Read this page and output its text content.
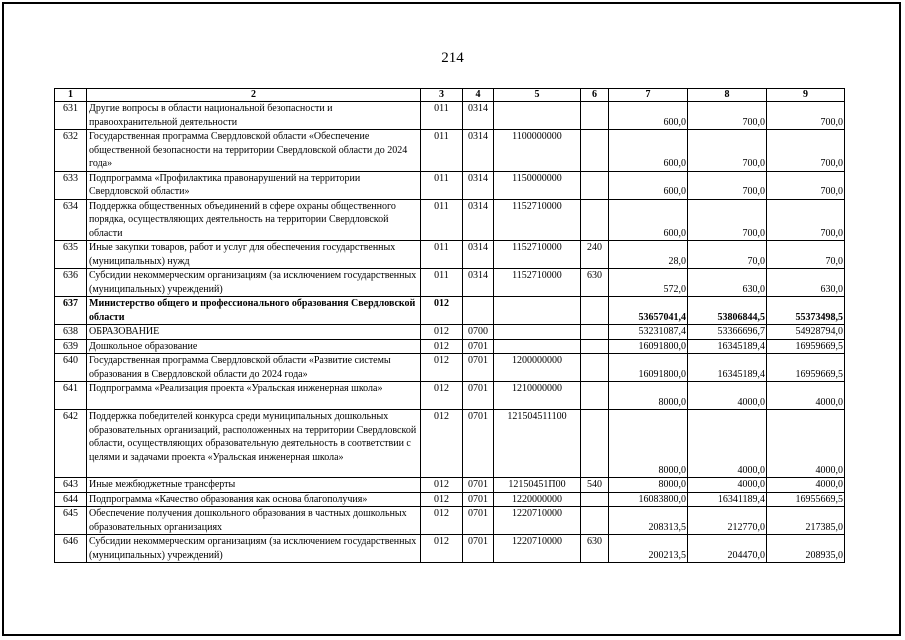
214
1	2	3	4	5	6	7	8	9
631	Другие вопросы в области национальной безопасности и правоохранительной деятельности	011	0314			600,0	700,0	700,0
632	Государственная программа Свердловской области «Обеспечение общественной безопасности на территории Свердловской области до 2024 года»	011	0314	1100000000		600,0	700,0	700,0
633	Подпрограмма «Профилактика правонарушений на территории Свердловской области»	011	0314	1150000000		600,0	700,0	700,0
634	Поддержка общественных объединений в сфере охраны общественного порядка, осуществляющих деятельность на территории Свердловской области	011	0314	1152710000		600,0	700,0	700,0
635	Иные закупки товаров, работ и услуг для обеспечения государственных (муниципальных) нужд	011	0314	1152710000	240	28,0	70,0	70,0
636	Субсидии некоммерческим организациям (за исключением государственных (муниципальных) учреждений)	011	0314	1152710000	630	572,0	630,0	630,0
637	Министерство общего и профессионального образования Свердловской области	012				53657041,4	53806844,5	55373498,5
638	ОБРАЗОВАНИЕ	012	0700			53231087,4	53366696,7	54928794,0
639	Дошкольное образование	012	0701			16091800,0	16345189,4	16959669,5
640	Государственная программа Свердловской области «Развитие системы образования в Свердловской области до 2024 года»	012	0701	1200000000		16091800,0	16345189,4	16959669,5
641	Подпрограмма «Реализация проекта «Уральская инженерная школа»	012	0701	1210000000		8000,0	4000,0	4000,0
642	Поддержка победителей конкурса среди муниципальных дошкольных образовательных организаций, расположенных на территории Свердловской области, осуществляющих образовательную деятельность в соответствии с целями и задачами проекта «Уральская инженерная школа»	012	0701	121504511100		8000,0	4000,0	4000,0
643	Иные межбюджетные трансферты	012	0701	12150451П00	540	8000,0	4000,0	4000,0
644	Подпрограмма «Качество образования как основа благополучия»	012	0701	1220000000		16083800,0	16341189,4	16955669,5
645	Обеспечение получения дошкольного образования в частных дошкольных образовательных организациях	012	0701	1220710000		208313,5	212770,0	217385,0
646	Субсидии некоммерческим организациям (за исключением государственных (муниципальных) учреждений)	012	0701	1220710000	630	200213,5	204470,0	208935,0
